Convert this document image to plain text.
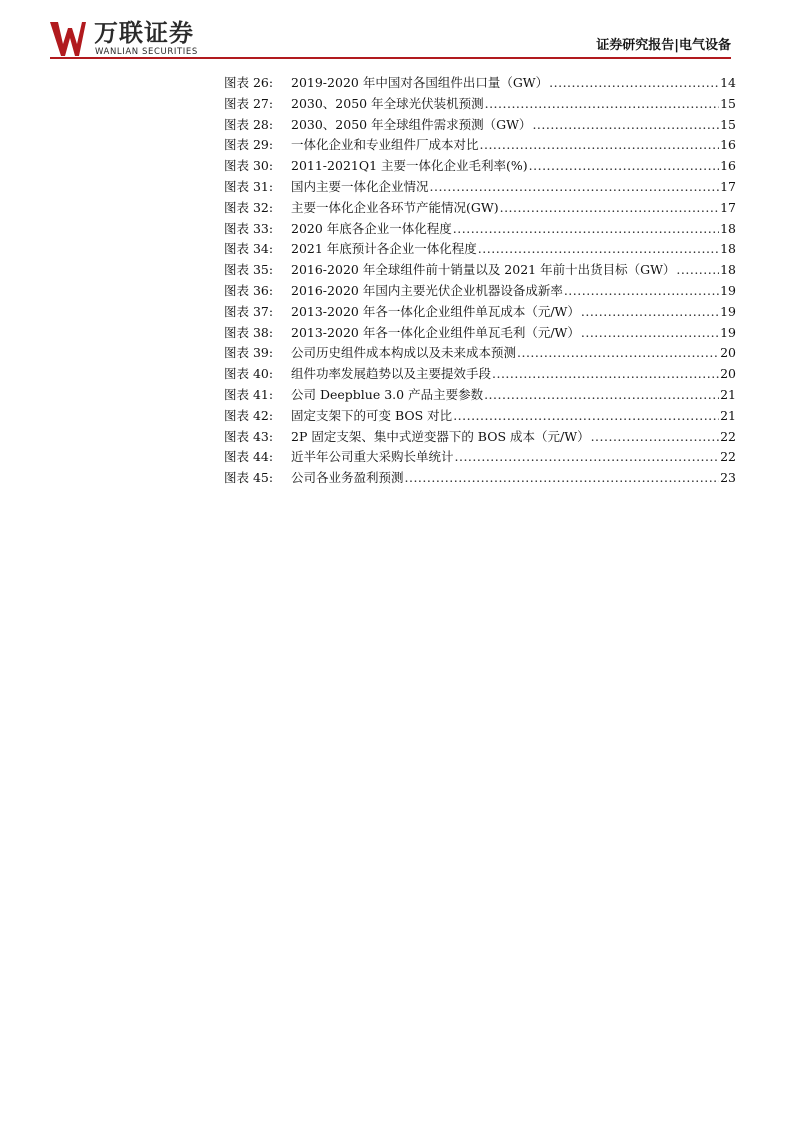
万联证券
WANLIAN SECURITIES	证券研究报告|电气设备
图表 26:	2019-2020 年中国对各国组件出口量（GW） .....	14
图表 27:	2030、2050 年全球光伏装机预测 .....	15
图表 28:	2030、2050 年全球组件需求预测（GW） .....	15
图表 29:	一体化企业和专业组件厂成本对比 .....	16
图表 30:	2011-2021Q1 主要一体化企业毛利率(%) .....	16
图表 31:	国内主要一体化企业情况 .....	17
图表 32:	主要一体化企业各环节产能情况(GW) .....	17
图表 33:	2020 年底各企业一体化程度 .....	18
图表 34:	2021 年底预计各企业一体化程度 .....	18
图表 35:	2016-2020 年全球组件前十销量以及 2021 年前十出货目标（GW） .....	18
图表 36:	2016-2020 年国内主要光伏企业机器设备成新率 .....	19
图表 37:	2013-2020 年各一体化企业组件单瓦成本（元/W） .....	19
图表 38:	2013-2020 年各一体化企业组件单瓦毛利（元/W） .....	19
图表 39:	公司历史组件成本构成以及未来成本预测 .....	20
图表 40:	组件功率发展趋势以及主要提效手段 .....	20
图表 41:	公司 Deepblue 3.0 产品主要参数 .....	21
图表 42:	固定支架下的可变 BOS 对比 .....	21
图表 43:	2P 固定支架、集中式逆变器下的 BOS 成本（元/W） .....	22
图表 44:	近半年公司重大采购长单统计 .....	22
图表 45:	公司各业务盈利预测 .....	23
